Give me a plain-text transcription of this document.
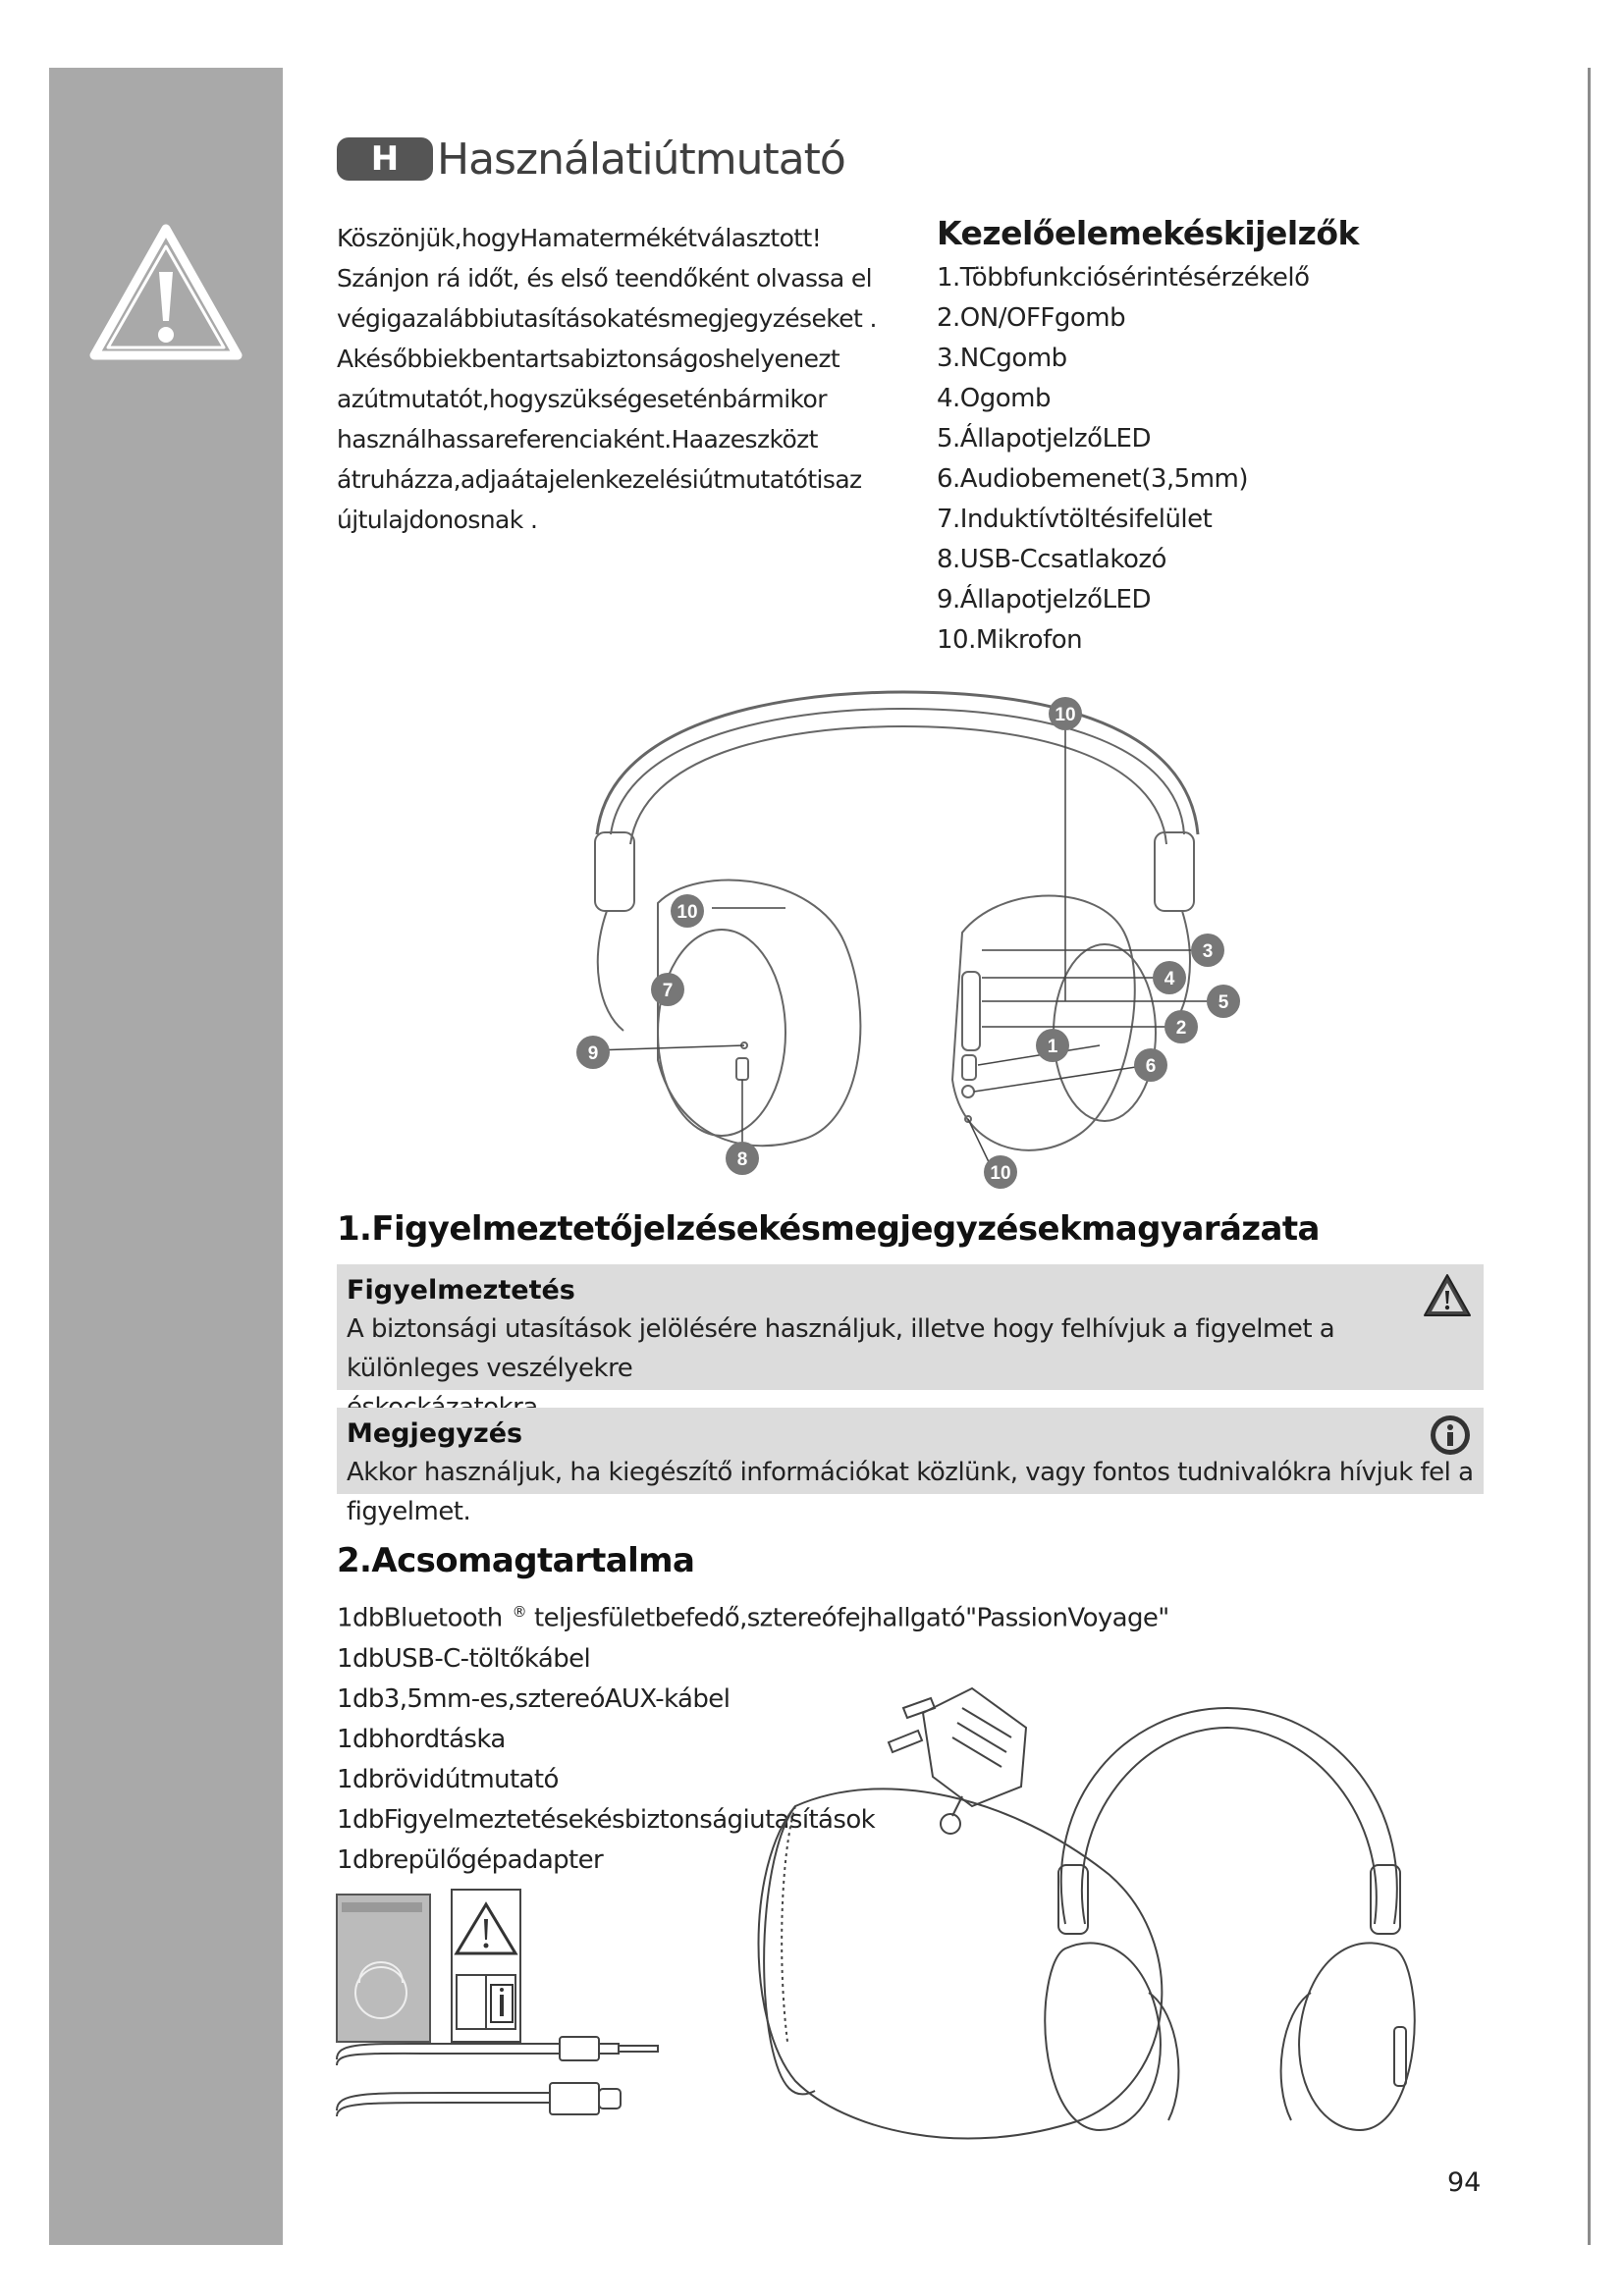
H Használatiútmutató
Köszönjük,hogyHamatermékétválasztott!
Szánjon rá időt, és első teendőként olvassa el
végigazalábbiutasításokatésmegjegyzéseket .
Akésőbbiekbentartsabiztonságoshelyenezt
azútmutatót,hogyszükségesetén​bármikor
használhassareferenciaként.Haazeszközt
átruházza,adjaátajelenkezelésiútmutatótisaz
újtulajdonosnak .
Kezelőelemekéskijelzők
1.Többfunkciósérintésérzékelő
2.ON/OFFgomb
3.NCgomb
4.Ogomb
5.ÁllapotjelzőLED
6.Audiobemenet(3,5mm)
7.Induktívtöltésifelület
8.USB-Ccsatlakozó
9.ÁllapotjelzőLED
10.Mikrofon
10
10
7
9
8
10
3
4
5
2
1
6
1.Figyelmeztetőjelzésekésmegjegyzésekmagyarázata
Figyelmeztetés
A biztonsági utasítások jelölésére használjuk, illetve hogy felhívjuk a figyelmet a különleges veszélyekre
Megjegyzés
Akkor használjuk, ha kiegészítő információkat közlünk, vagy fontos tudnivalókra hívjuk fel a figyelmet.
2.Acsomagtartalma
1dbBluetooth ® teljesfületbefedő,sztereófejhallgató"PassionVoyage"
1dbUSB-C-töltőkábel
1db3,5mm-es,sztereóAUX-kábel
1dbhordtáska
1dbrövidútmutató
1dbFigyelmeztetésekésbiztonságiutasítások
1dbrepülőgépadapter
94
